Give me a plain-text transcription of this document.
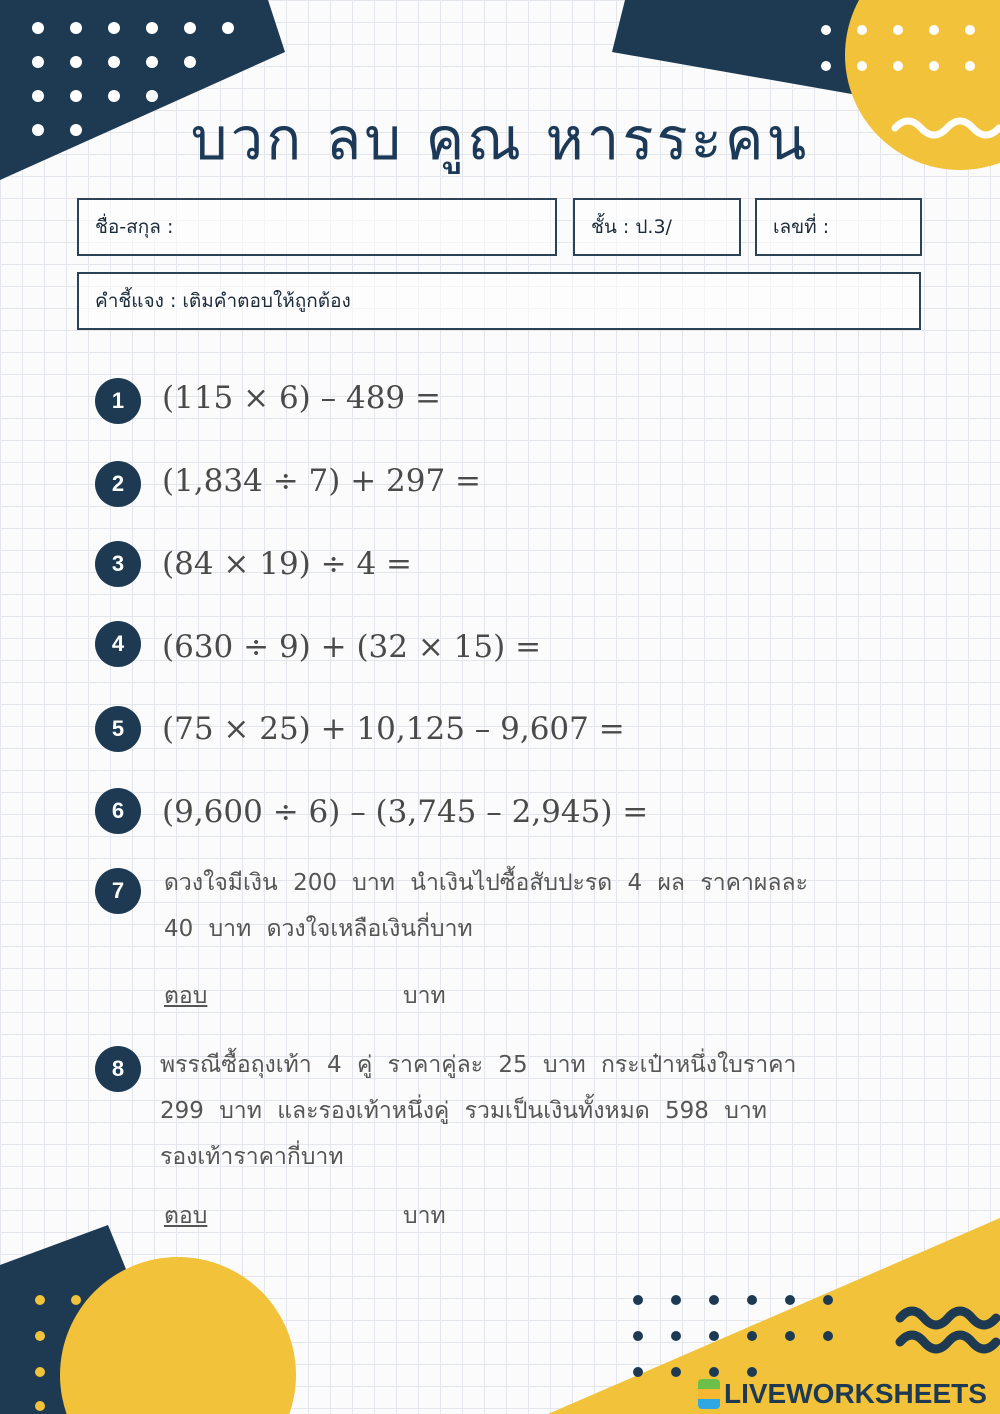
บวก ลบ คูณ หารระคน
ชื่อ-สกุล :	ชั้น : ป.3/	เลขที่ :
คำชี้แจง : เติมคำตอบให้ถูกต้อง
1	(115 × 6) – 489 =
2	(1,834 ÷ 7) + 297 =
3	(84 × 19) ÷ 4 =
4	(630 ÷ 9) + (32 × 15) =
5	(75 × 25) + 10,125 – 9,607 =
6	(9,600 ÷ 6) – (3,745 – 2,945) =
7	ดวงใจมีเงิน 200 บาท นำเงินไปซื้อสับปะรด 4 ผล ราคาผลละ
40 บาท ดวงใจเหลือเงินกี่บาท
ตอบ	บาท
8	พรรณีซื้อถุงเท้า 4 คู่ ราคาคู่ละ 25 บาท กระเป๋าหนึ่งใบราคา
299 บาท และรองเท้าหนึ่งคู่ รวมเป็นเงินทั้งหมด 598 บาท
รองเท้าราคากี่บาท
ตอบ	บาท
LIVEWORKSHEETS
